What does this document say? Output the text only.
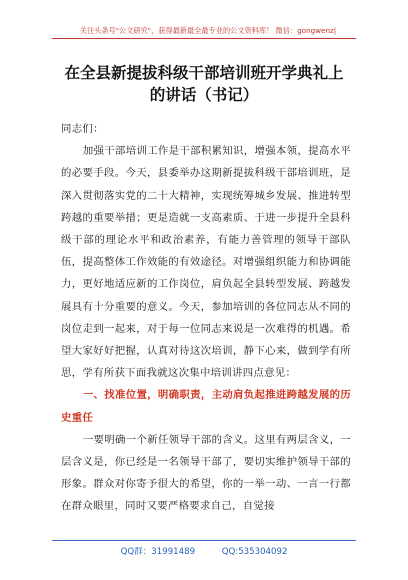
关注头条号"公文研究"，获得最新最全最专业的公文资料库！ 微信：gongwenz|
在全县新提拔科级干部培训班开学典礼上
的讲话（书记）

同志们：

加强干部培训工作是干部积累知识，增强本领，提高水平的必要手段。今天，县委举办这期新提拔科级干部培训班，是深入贯彻落实党的二十大精神，实现统筹城乡发展、推进转型跨越的重要举措；更是造就一支高素质、于进一步提升全县科级干部的理论水平和政治素养，有能力善管理的领导干部队伍，提高整体工作效能的有效途径。对增强组织能力和协调能力，更好地适应新的工作岗位，肩负起全县转型发展、跨越发展具有十分重要的意义。今天，参加培训的各位同志从不同的岗位走到一起来，对于每一位同志来说是一次难得的机遇。希望大家好好把握，认真对待这次培训，静下心来，做到学有所思，学有所获下面我就这次集中培训讲四点意见：

一、找准位置，明确职责，主动肩负起推进跨越发展的历史重任

一要明确一个新任领导干部的含义。这里有两层含义，一层含义是，你已经是一名领导干部了，要切实维护领导干部的形象。群众对你寄予很大的希望，你的一举一动、一言一行都在群众眼里，同时又要严格要求自己，自觉接

QQ群：31991489	QQ:535304092
